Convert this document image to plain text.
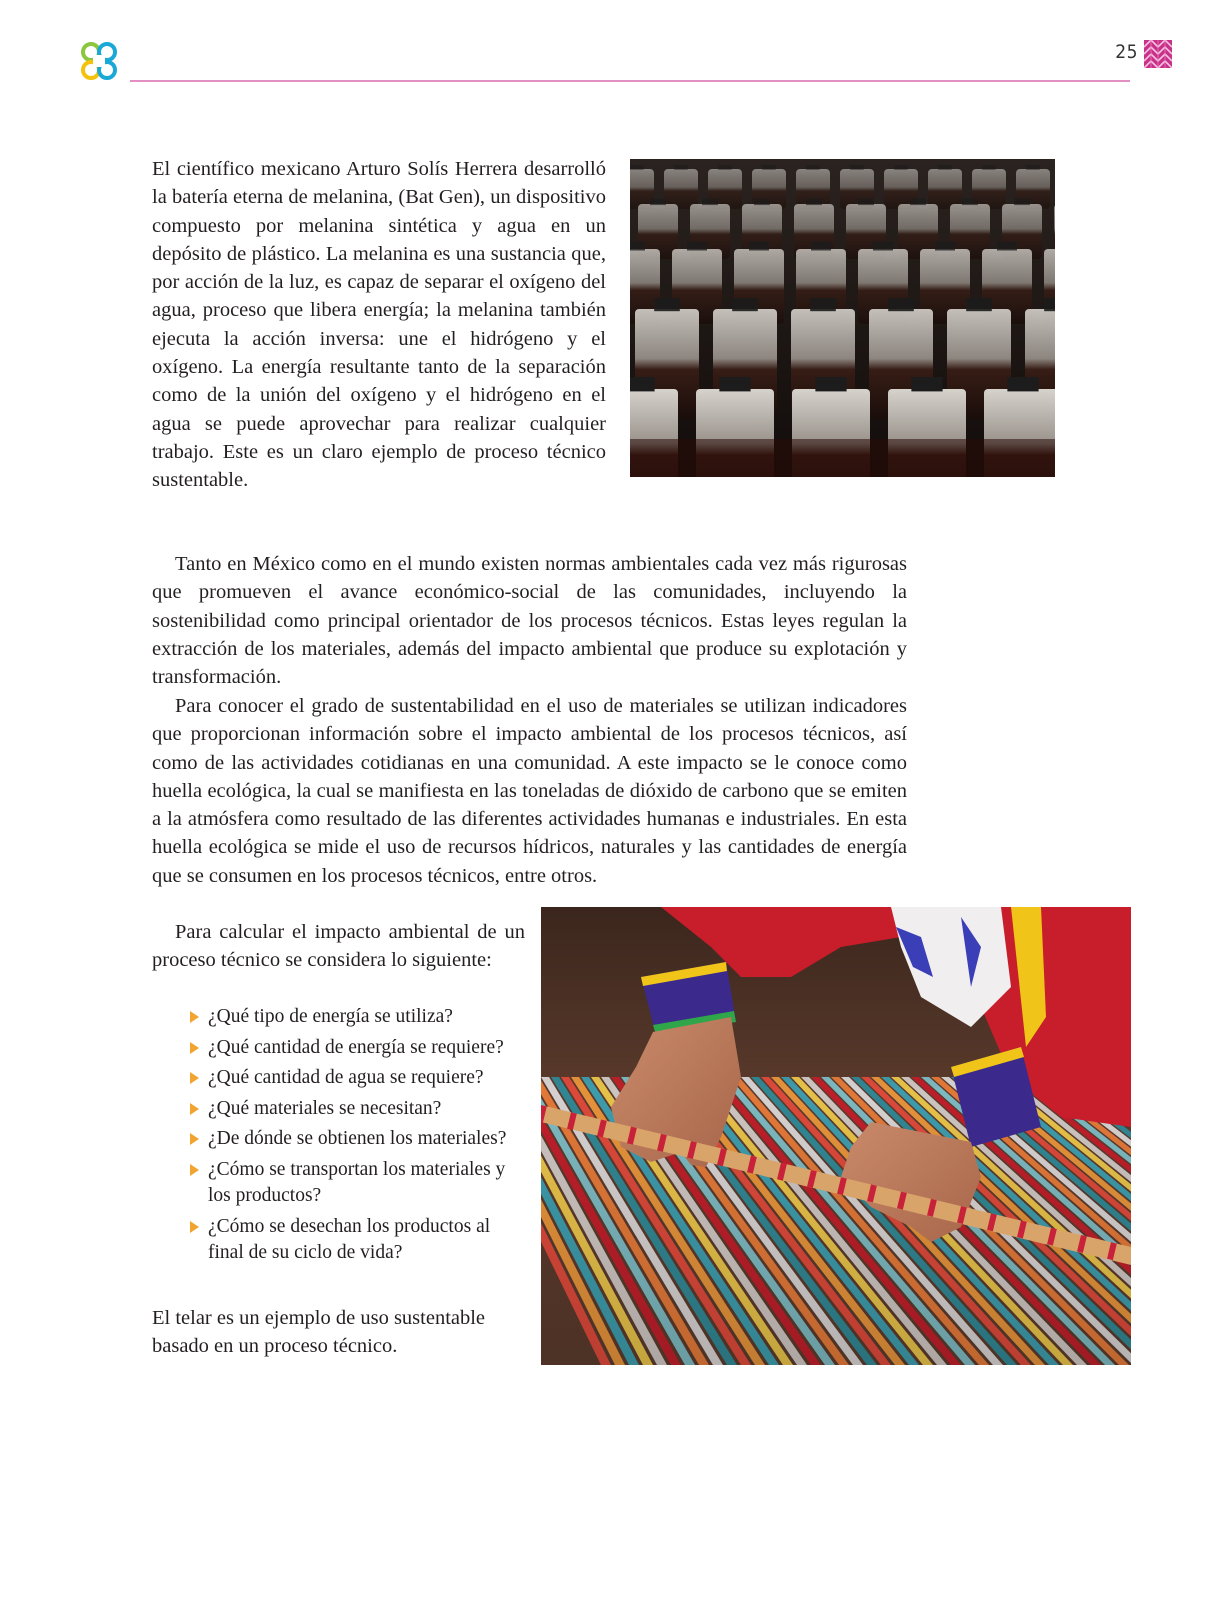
25

El científico mexicano Arturo Solís Herrera desarrolló la batería eterna de melanina, (Bat Gen), un dispositivo compuesto por melanina sintética y agua en un depósito de plástico. La melanina es una sustancia que, por acción de la luz, es capaz de separar el oxígeno del agua, proceso que libera energía; la melanina también ejecuta la acción inversa: une el hidrógeno y el oxígeno. La energía resultante tanto de la separación como de la unión del oxígeno y el hidrógeno en el agua se puede aprovechar para realizar cualquier trabajo. Este es un claro ejemplo de proceso técnico sustentable.

Tanto en México como en el mundo existen normas ambientales cada vez más rigurosas que promueven el avance económico-social de las comunidades, incluyendo la sostenibilidad como principal orientador de los procesos técnicos. Estas leyes regulan la extracción de los materiales, además del impacto ambiental que produce su explotación y transformación.

Para conocer el grado de sustentabilidad en el uso de materiales se utilizan indicadores que proporcionan información sobre el impacto ambiental de los procesos técnicos, así como de las actividades cotidianas en una comunidad. A este impacto se le conoce como huella ecológica, la cual se manifiesta en las toneladas de dióxido de carbono que se emiten a la atmósfera como resultado de las diferentes actividades humanas e industriales. En esta huella ecológica se mide el uso de recursos hídricos, naturales y las cantidades de energía que se consumen en los procesos técnicos, entre otros.

Para calcular el impacto ambiental de un proceso técnico se considera lo siguiente:

¿Qué tipo de energía se utiliza?
¿Qué cantidad de energía se requiere?
¿Qué cantidad de agua se requiere?
¿Qué materiales se necesitan?
¿De dónde se obtienen los materiales?
¿Cómo se transportan los materiales y los productos?
¿Cómo se desechan los productos al final de su ciclo de vida?

El telar es un ejemplo de uso sustentable basado en un proceso técnico.
